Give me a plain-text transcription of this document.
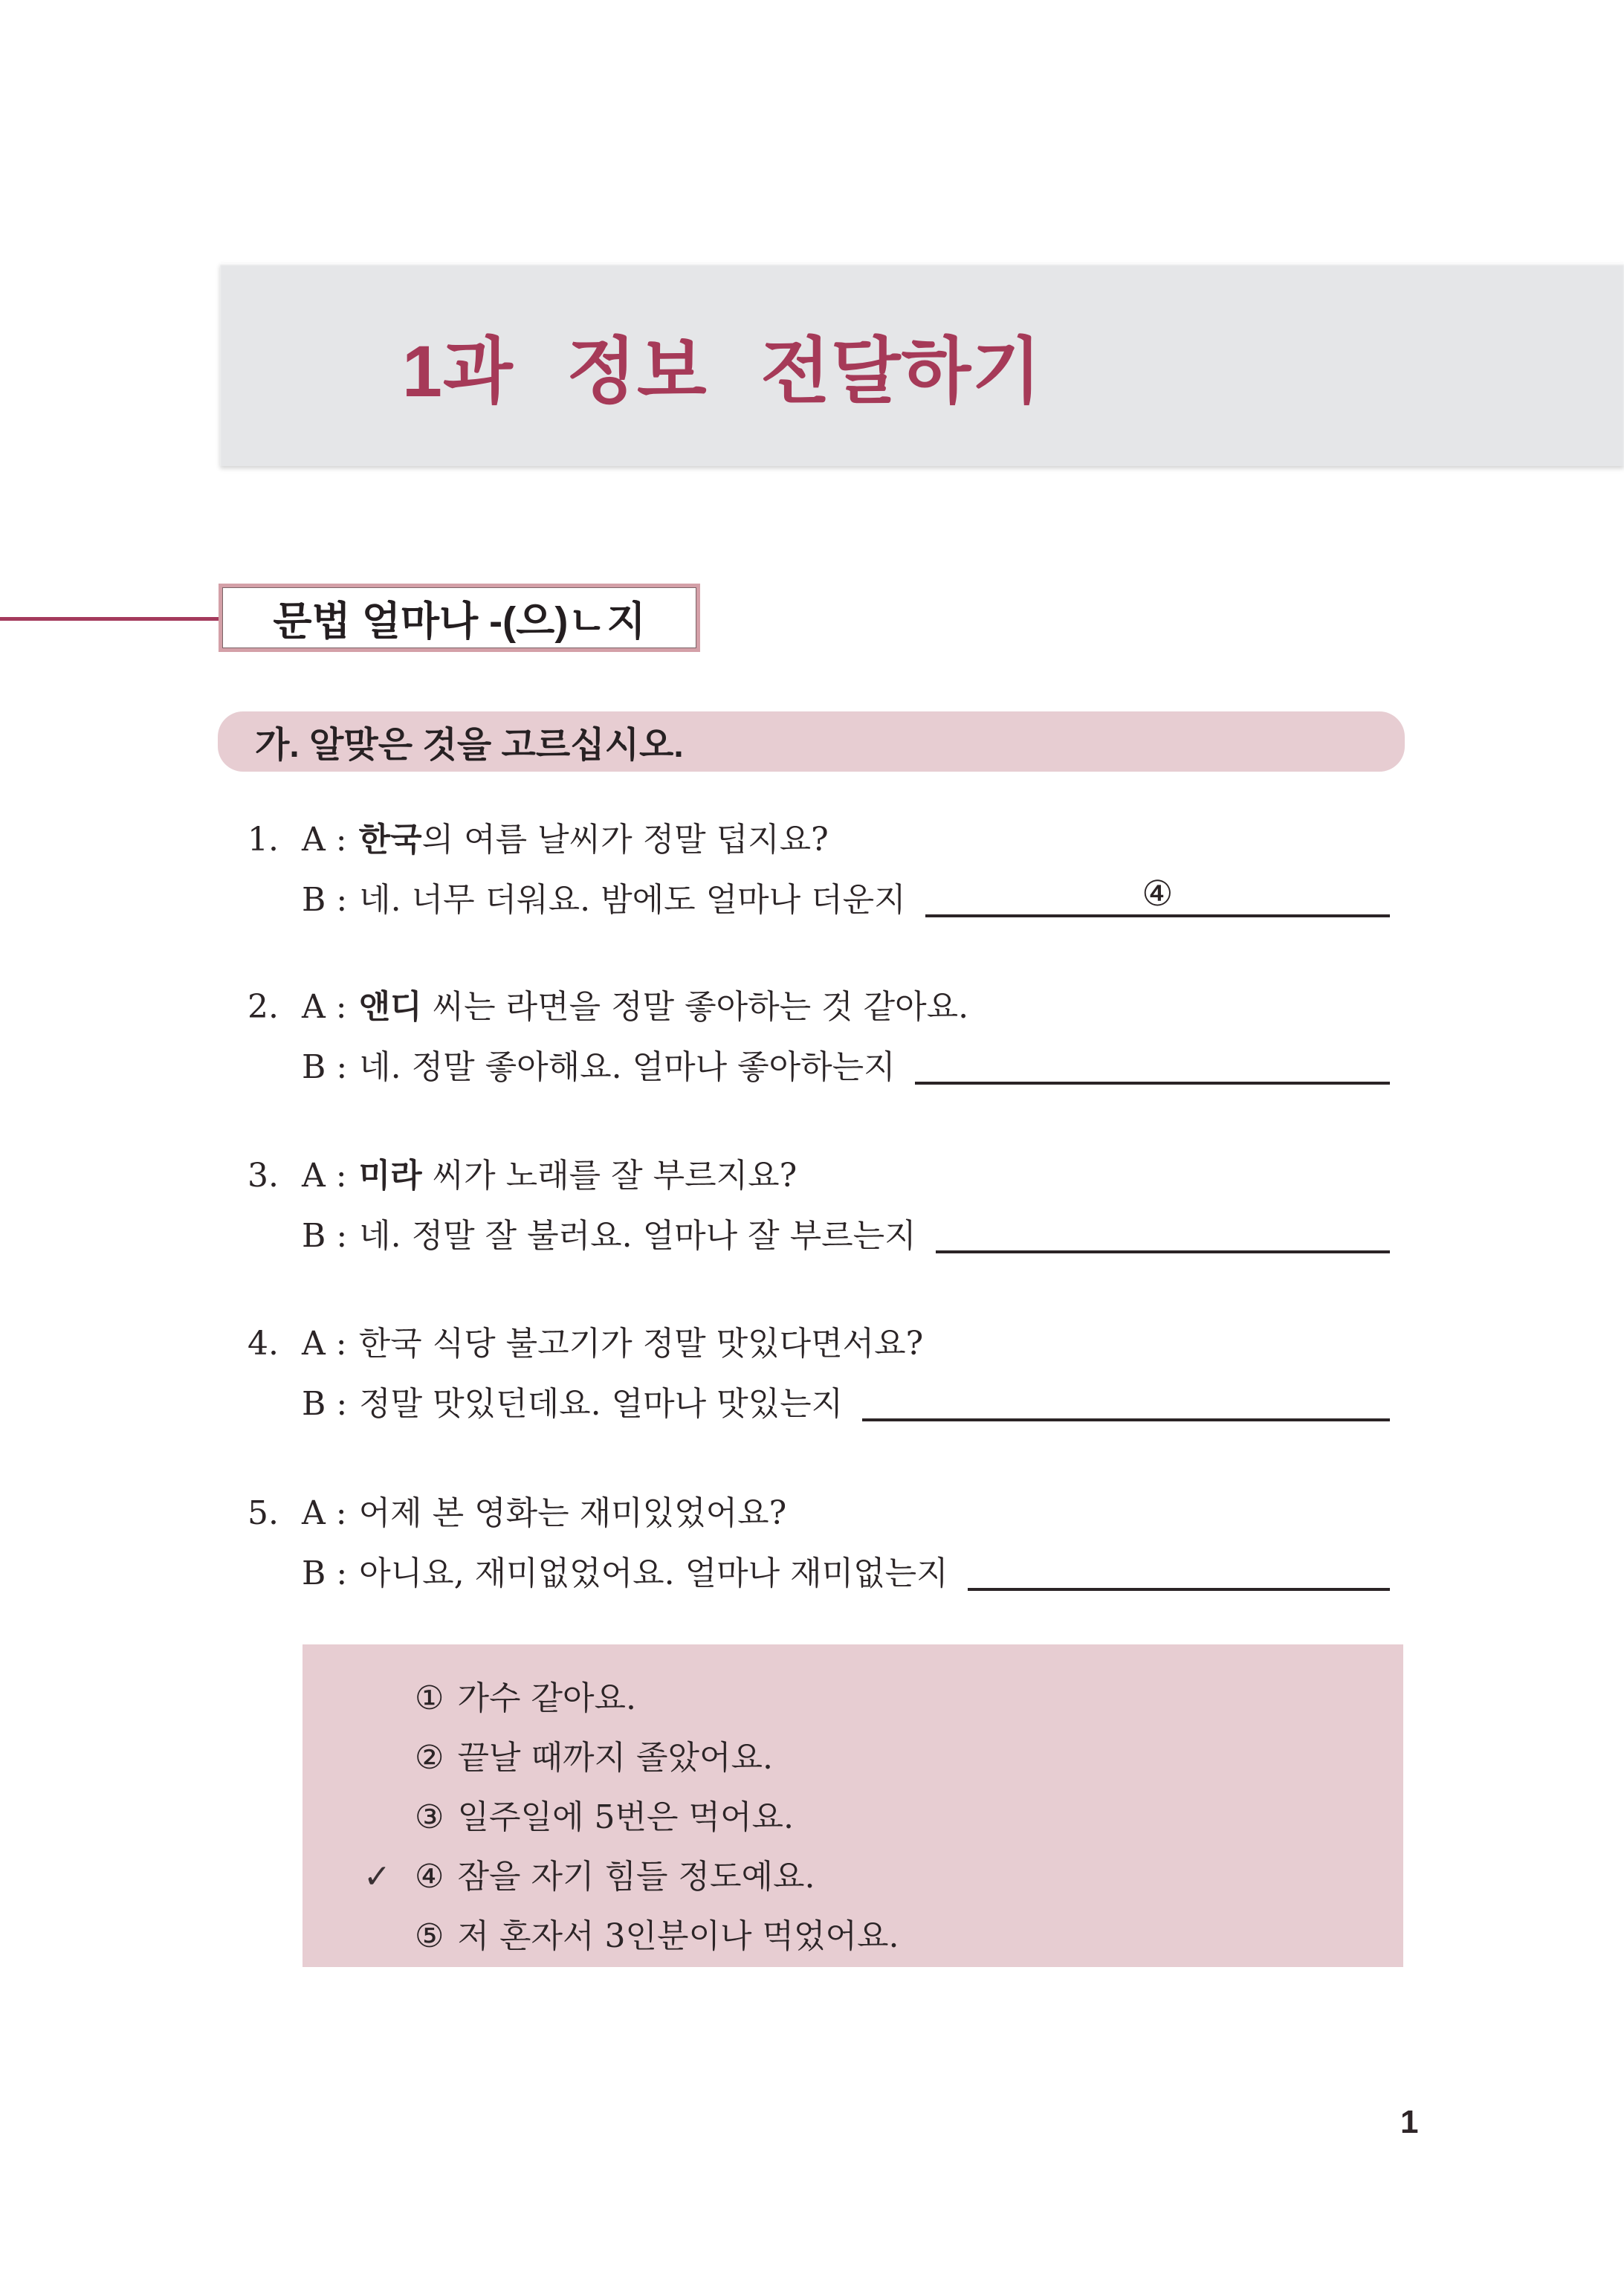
1과 정보 전달하기
문법 얼마나 -(으)ㄴ지
가. 알맞은 것을 고르십시오.
1. A : 한국의 여름 날씨가 정말 덥지요?
B : 네. 너무 더워요. 밤에도 얼마나 더운지	④
2. A : 앤디 씨는 라면을 정말 좋아하는 것 같아요.
B : 네. 정말 좋아해요. 얼마나 좋아하는지
3. A : 미라 씨가 노래를 잘 부르지요?
B : 네. 정말 잘 불러요. 얼마나 잘 부르는지
4. A : 한국 식당 불고기가 정말 맛있다면서요?
B : 정말 맛있던데요. 얼마나 맛있는지
5. A : 어제 본 영화는 재미있었어요?
B : 아니요, 재미없었어요. 얼마나 재미없는지
① 가수 같아요.
② 끝날 때까지 졸았어요.
③ 일주일에 5번은 먹어요.
✓ ④ 잠을 자기 힘들 정도예요.
⑤ 저 혼자서 3인분이나 먹었어요.
1
